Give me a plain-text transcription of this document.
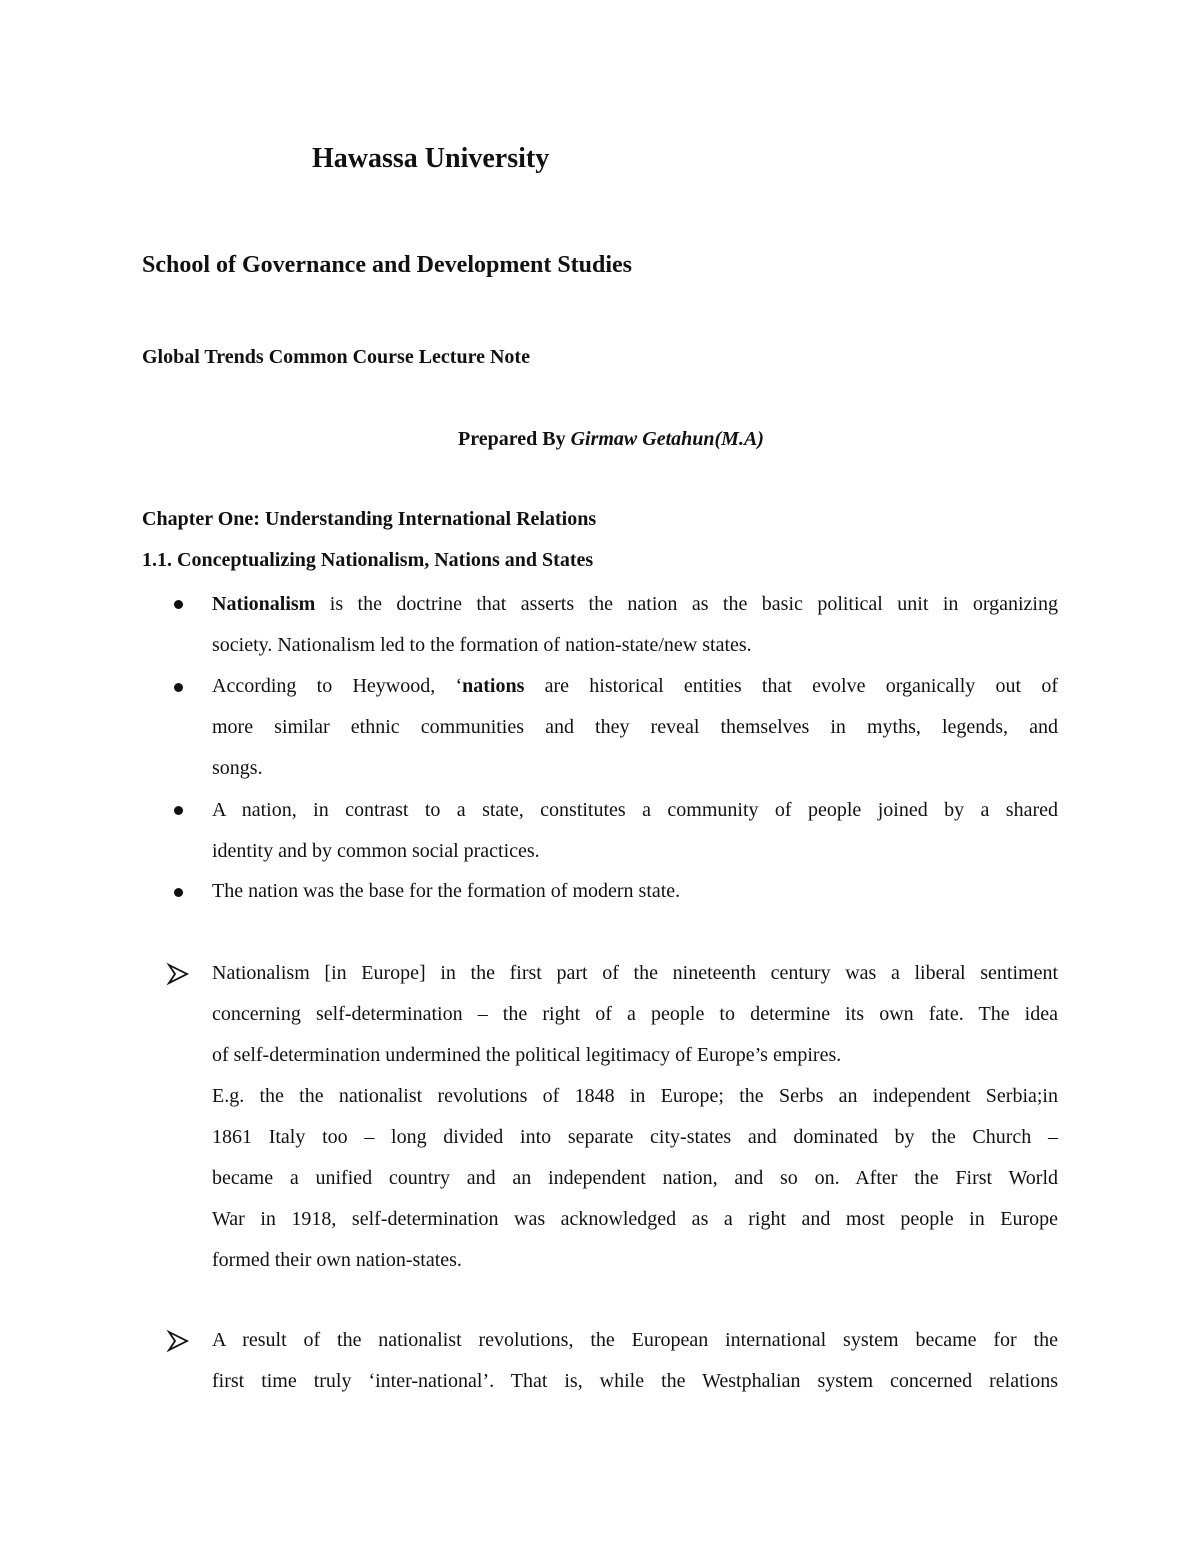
Hawassa University
School of Governance and Development Studies
Global Trends Common Course Lecture Note
Prepared By Girmaw Getahun(M.A)
Chapter One: Understanding International Relations
1.1. Conceptualizing Nationalism, Nations and States
Nationalism is the doctrine that asserts the nation as the basic political unit in organizing
society. Nationalism led to the formation of nation-state/new states.
According to Heywood, ‘nations are historical entities that evolve organically out of
more similar ethnic communities and they reveal themselves in myths, legends, and
songs.
A nation, in contrast to a state, constitutes a community of people joined by a shared
identity and by common social practices.
The nation was the base for the formation of modern state.
Nationalism [in Europe] in the first part of the nineteenth century was a liberal sentiment
concerning self-determination – the right of a people to determine its own fate. The idea
of self-determination undermined the political legitimacy of Europe’s empires.
E.g. the the nationalist revolutions of 1848 in Europe; the Serbs an independent Serbia;in
1861 Italy too – long divided into separate city-states and dominated by the Church –
became a unified country and an independent nation, and so on. After the First World
War in 1918, self-determination was acknowledged as a right and most people in Europe
formed their own nation-states.
A result of the nationalist revolutions, the European international system became for the
first time truly ‘inter-national’. That is, while the Westphalian system concerned relations
